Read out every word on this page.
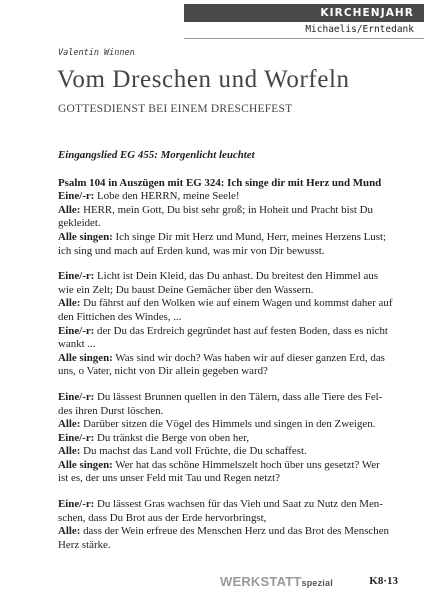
KIRCHENJAHR
Michaelis/Erntedank
Valentin Winnen
Vom Dreschen und Worfeln
GOTTESDIENST BEI EINEM DRESCHEFEST

Eingangslied EG 455: Morgenlicht leuchtet

Psalm 104 in Auszügen mit EG 324: Ich singe dir mit Herz und Mund

Eine/-r: Lobe den HERRN, meine Seele!
Alle: HERR, mein Gott, Du bist sehr groß; in Hoheit und Pracht bist Du
gekleidet.
Alle singen: Ich singe Dir mit Herz und Mund, Herr, meines Herzens Lust;
ich sing und mach auf Erden kund, was mir von Dir bewusst.

Eine/-r: Licht ist Dein Kleid, das Du anhast. Du breitest den Himmel aus
wie ein Zelt; Du baust Deine Gemächer über den Wassern.
Alle: Du fährst auf den Wolken wie auf einem Wagen und kommst daher auf
den Fittichen des Windes, ...
Eine/-r: der Du das Erdreich gegründet hast auf festen Boden, dass es nicht
wankt ...
Alle singen: Was sind wir doch? Was haben wir auf dieser ganzen Erd, das
uns, o Vater, nicht von Dir allein gegeben ward?

Eine/-r: Du lässest Brunnen quellen in den Tälern, dass alle Tiere des Fel-
des ihren Durst löschen.
Alle: Darüber sitzen die Vögel des Himmels und singen in den Zweigen.
Eine/-r: Du tränkst die Berge von oben her,
Alle: Du machst das Land voll Früchte, die Du schaffest.
Alle singen: Wer hat das schöne Himmelszelt hoch über uns gesetzt? Wer
ist es, der uns unser Feld mit Tau und Regen netzt?

Eine/-r: Du lässest Gras wachsen für das Vieh und Saat zu Nutz den Men-
schen, dass Du Brot aus der Erde hervorbringst,
Alle: dass der Wein erfreue des Menschen Herz und das Brot des Menschen
Herz stärke.

WERKSTATTspezial	K8·13
